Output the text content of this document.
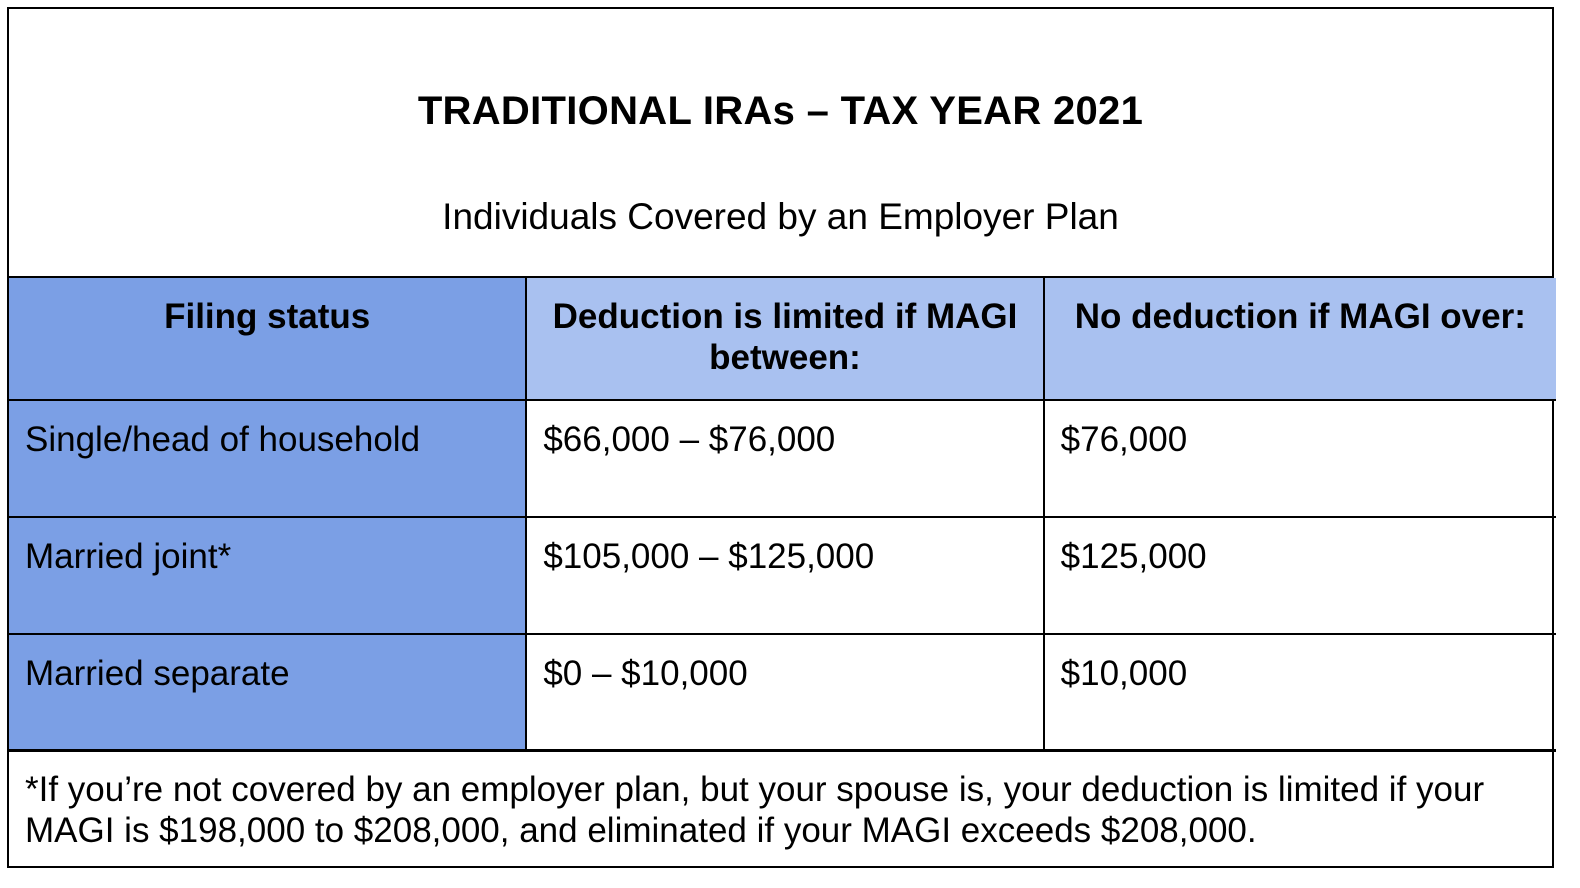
TRADITIONAL IRAs – TAX YEAR 2021
Individuals Covered by an Employer Plan
Filing status	Deduction is limited if MAGI between:	No deduction if MAGI over:
Single/head of household	$66,000 – $76,000	$76,000
Married joint*	$105,000 – $125,000	$125,000
Married separate	$0 – $10,000	$10,000
*If you’re not covered by an employer plan, but your spouse is, your deduction is limited if your MAGI is $198,000 to $208,000, and eliminated if your MAGI exceeds $208,000.
